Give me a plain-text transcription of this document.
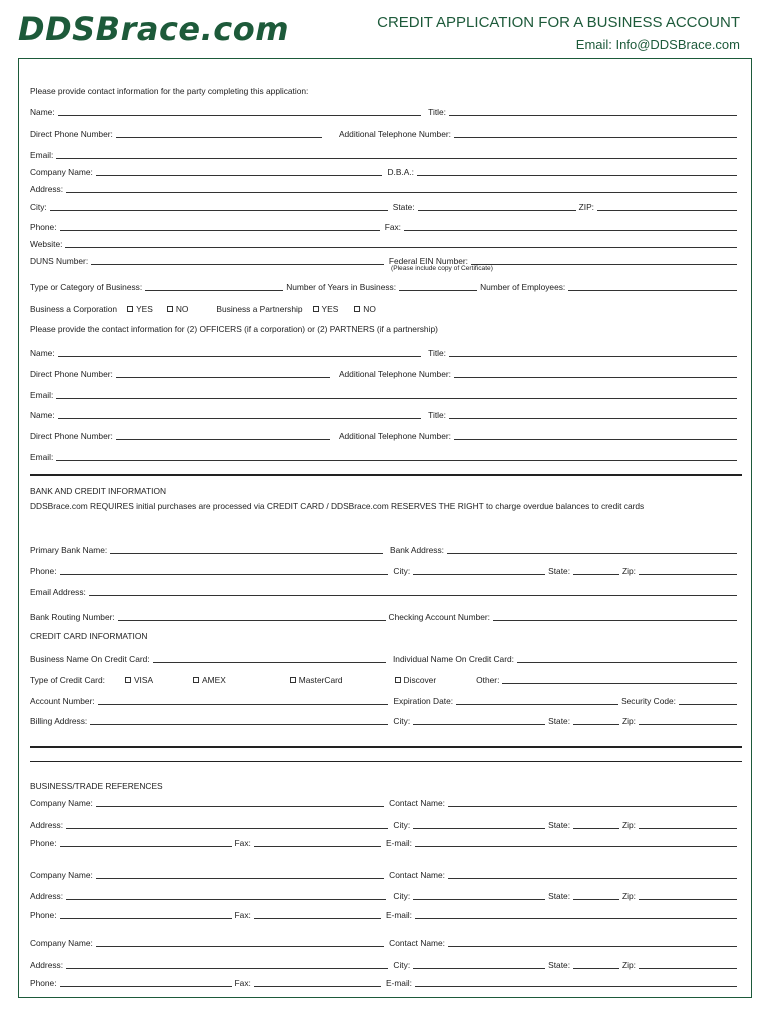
DDSBrace.com	CREDIT APPLICATION FOR A BUSINESS ACCOUNT
Email: Info@DDSBrace.com
Please provide contact information for the party completing this application:
Name:	Title:
Direct Phone Number:	Additional Telephone Number:
Email:
Company Name:	D.B.A.:
Address:
City:	State:	ZIP:
Phone:	Fax:
Website:
DUNS Number:	Federal EIN Number:
(Please include copy of Certificate)
Type or Category of Business:	Number of Years in Business:	Number of Employees:
Business a Corporation	YES	NO	Business a Partnership	YES	NO
Please provide the contact information for (2) OFFICERS (if a corporation) or (2) PARTNERS (if a partnership)
Name:	Title:
Direct Phone Number:	Additional Telephone Number:
Email:
Name:	Title:
Direct Phone Number:	Additional Telephone Number:
Email:
BANK AND CREDIT INFORMATION
DDSBrace.com REQUIRES initial purchases are processed via CREDIT CARD / DDSBrace.com RESERVES THE RIGHT to charge overdue balances to credit cards
Primary Bank Name:	Bank Address:
Phone:	City:	State:	Zip:
Email Address:
Bank Routing Number:	Checking Account Number:
CREDIT CARD INFORMATION
Business Name On Credit Card:	Individual Name On Credit Card:
Type of Credit Card:	VISA	AMEX	MasterCard	Discover	Other:
Account Number:	Expiration Date:	Security Code:
Billing Address:	City:	State:	Zip:
BUSINESS/TRADE REFERENCES
Company Name:	Contact Name:
Address:	City:	State:	Zip:
Phone:	Fax:	E-mail:
Company Name:	Contact Name:
Address:	City:	State:	Zip:
Phone:	Fax:	E-mail:
Company Name:	Contact Name:
Address:	City:	State:	Zip:
Phone:	Fax:	E-mail:
